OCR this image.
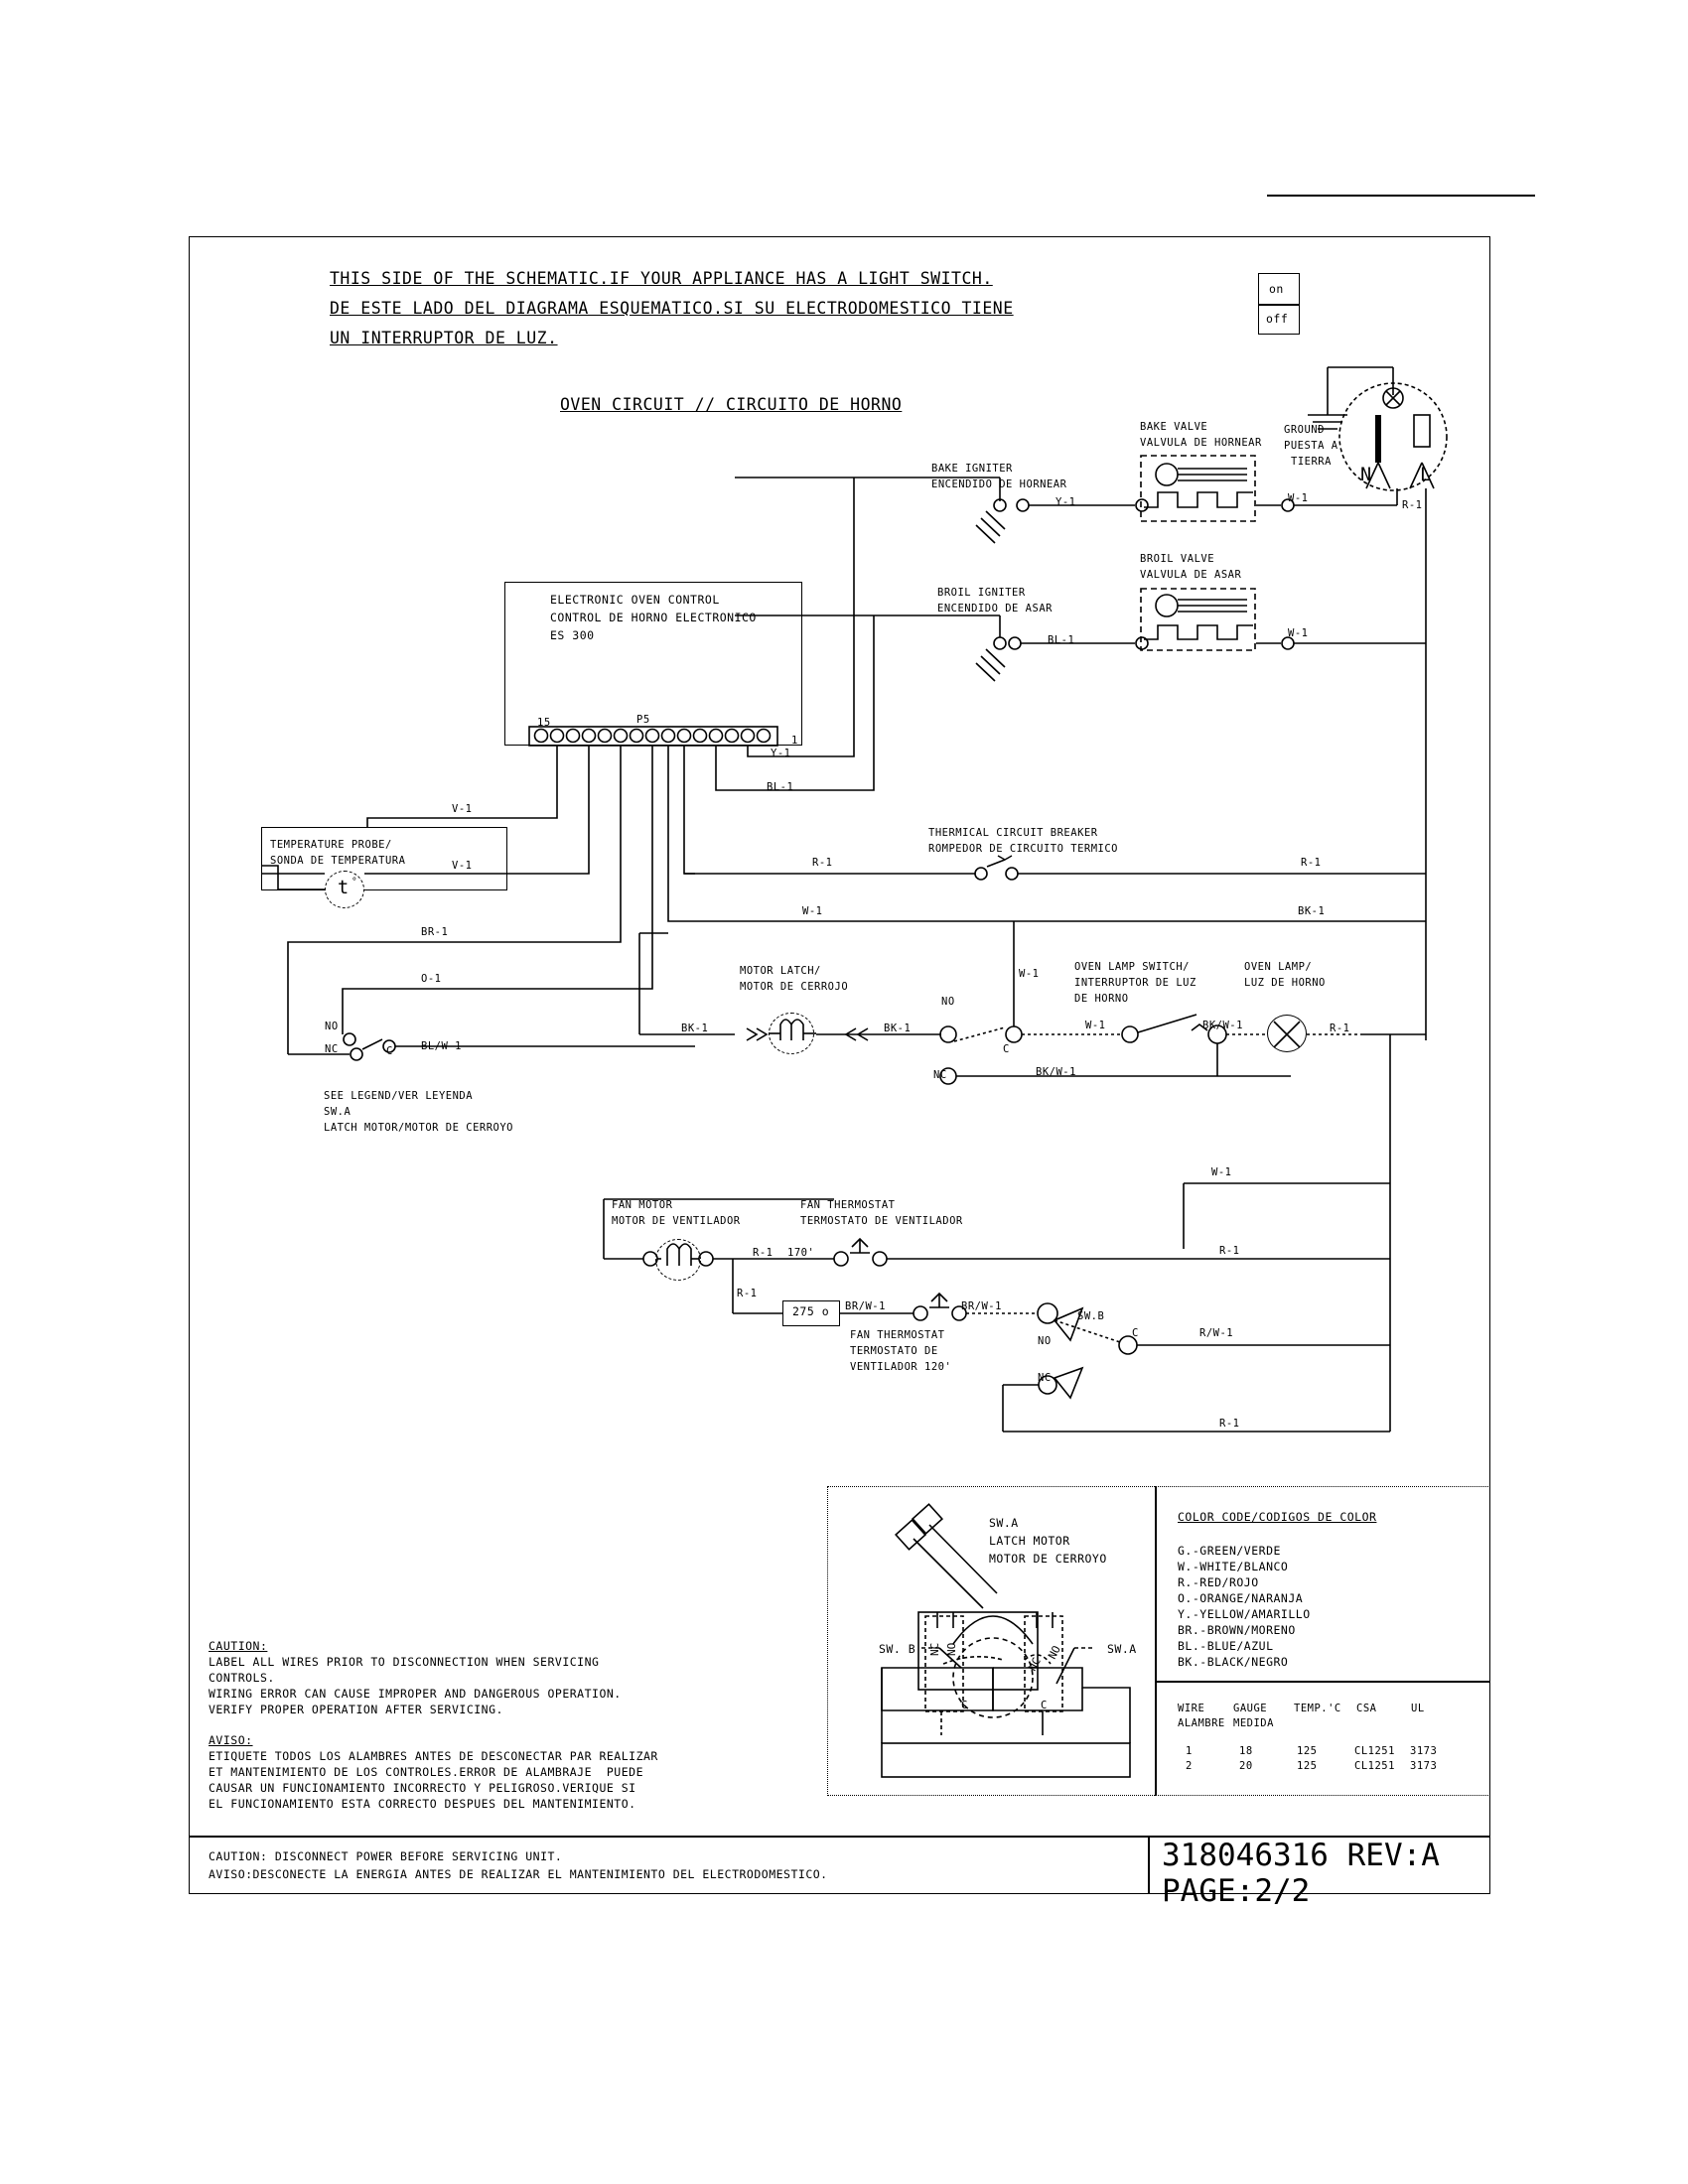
THIS SIDE OF THE SCHEMATIC.IF YOUR APPLIANCE HAS A LIGHT SWITCH.
DE ESTE LADO DEL DIAGRAMA ESQUEMATICO.SI SU ELECTRODOMESTICO TIENE
UN INTERRUPTOR DE LUZ.
on
off
OVEN CIRCUIT // CIRCUITO DE HORNO
BAKE IGNITER
ENCENDIDO DE HORNEAR
BAKE VALVE
VALVULA DE HORNEAR
BROIL IGNITER
ENCENDIDO DE ASAR
BROIL VALVE
VALVULA DE ASAR
GROUND
PUESTA A
TIERRA
N	L
ELECTRONIC OVEN CONTROL
CONTROL DE HORNO ELECTRONICO
ES 300
15	P5
1
TEMPERATURE PROBE/
SONDA DE TEMPERATURA
t °
THERMICAL CIRCUIT BREAKER
ROMPEDOR DE CIRCUITO TERMICO
MOTOR LATCH/
MOTOR DE CERROJO
OVEN LAMP SWITCH/
INTERRUPTOR DE LUZ
DE HORNO
OVEN LAMP/
LUZ DE HORNO
SEE LEGEND/VER LEYENDA
SW.A
LATCH MOTOR/MOTOR DE CERROYO
FAN MOTOR
MOTOR DE VENTILADOR
FAN THERMOSTAT
TERMOSTATO DE VENTILADOR
170'
275 o
FAN THERMOSTAT
TERMOSTATO DE
VENTILADOR 120'
SW.B
Y-1	W-1
BL-1
W-1
R-1
Y-1
BL-1
V-1
V-1	R-1	R-1
W-1	BK-1
BR-1
O-1
BL/W-1
BK-1	BK-1
W-1
W-1
BK/W-1
BK/W-1	R-1
W-1
R-1	R-1
R-1
BR/W-1	BR/W-1
R/W-1
R-1
NO
NC	C
NO
C
NC
NO
NC
C
SW.A
LATCH MOTOR
MOTOR DE CERROYO
SW. B	SW.A
C	C
COLOR CODE/CODIGOS DE COLOR
G.-GREEN/VERDE
W.-WHITE/BLANCO
R.-RED/ROJO
O.-ORANGE/NARANJA
Y.-YELLOW/AMARILLO
BR.-BROWN/MORENO
BL.-BLUE/AZUL
BK.-BLACK/NEGRO
WIRE	GAUGE	TEMP.'C CSA	UL
ALAMBRE MEDIDA
1	18	125	CL1251 3173
2	20	125	CL1251 3173
CAUTION:
LABEL ALL WIRES PRIOR TO DISCONNECTION WHEN SERVICING
CONTROLS.
WIRING ERROR CAN CAUSE IMPROPER AND DANGEROUS OPERATION.
VERIFY PROPER OPERATION AFTER SERVICING.
AVISO:
ETIQUETE TODOS LOS ALAMBRES ANTES DE DESCONECTAR PAR REALIZAR
ET MANTENIMIENTO DE LOS CONTROLES.ERROR DE ALAMBRAJE  PUEDE
CAUSAR UN FUNCIONAMIENTO INCORRECTO Y PELIGROSO.VERIQUE SI
EL FUNCIONAMIENTO ESTA CORRECTO DESPUES DEL MANTENIMIENTO.
CAUTION: DISCONNECT POWER BEFORE SERVICING UNIT.
AVISO:DESCONECTE LA ENERGIA ANTES DE REALIZAR EL MANTENIMIENTO DEL ELECTRODOMESTICO.
318046316 REV:A
PAGE:2/2
NC NO
NC
NO
